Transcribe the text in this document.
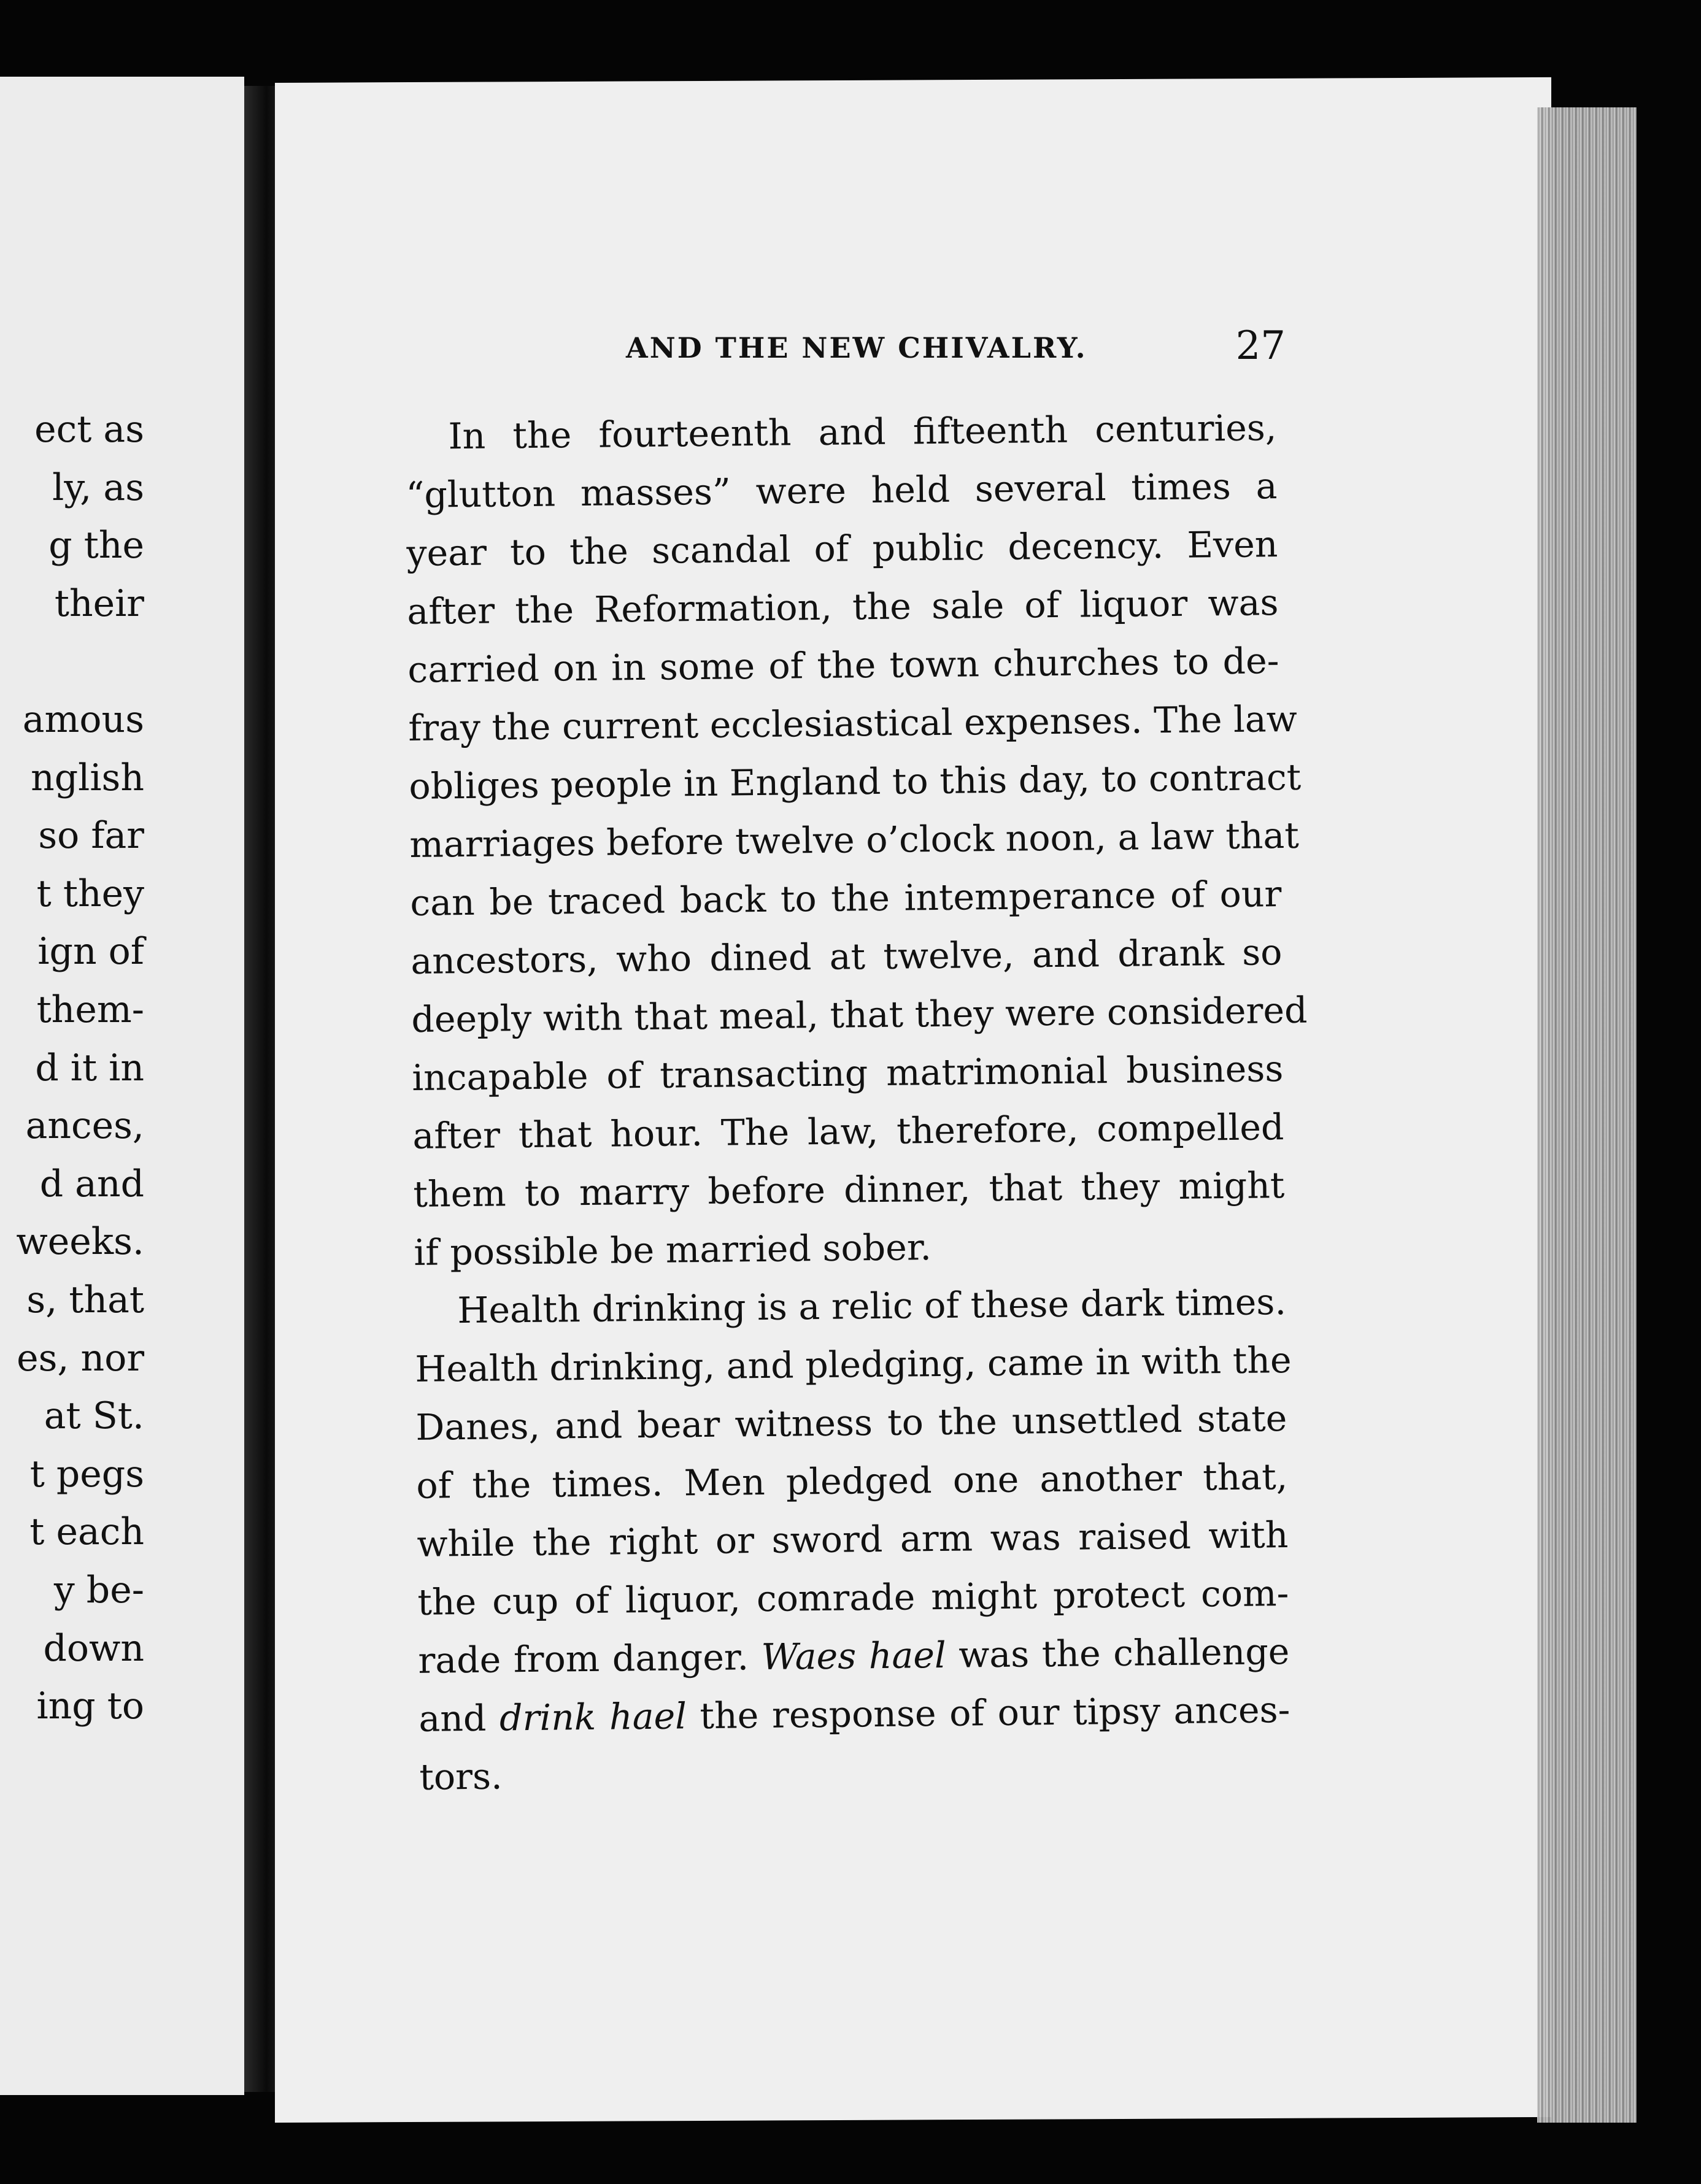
ect as
ly, as
g the
their
amous
nglish
so far
t they
ign of
them-
d it in
ances,
d and
weeks.
s, that
es, nor
at St.
t pegs
t each
y be-
down
ing to
AND THE NEW CHIVALRY.	27
In the fourteenth and fifteenth centuries,
“glutton masses” were held several times a
year to the scandal of public decency. Even
after the Reformation, the sale of liquor was
carried on in some of the town churches to de-
fray the current ecclesiastical expenses. The law
obliges people in England to this day, to contract
marriages before twelve o’clock noon, a law that
can be traced back to the intemperance of our
ancestors, who dined at twelve, and drank so
deeply with that meal, that they were considered
incapable of transacting matrimonial business
after that hour. The law, therefore, compelled
them to marry before dinner, that they might
if possible be married sober.
Health drinking is a relic of these dark times.
Health drinking, and pledging, came in with the
Danes, and bear witness to the unsettled state
of the times. Men pledged one another that,
while the right or sword arm was raised with
the cup of liquor, comrade might protect com-
rade from danger. Waes hael was the challenge
and drink hael the response of our tipsy ances-
tors.
